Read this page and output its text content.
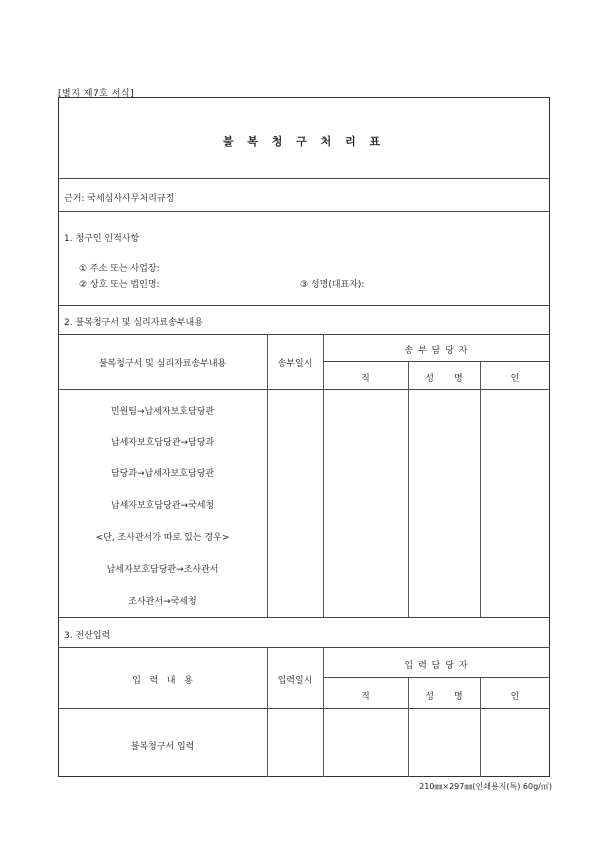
[별지 제7호 서식]
불 복 청 구 처 리 표
근거: 국세심사사무처리규정
1. 청구인 인적사항
① 주소 또는 사업장:
② 상호 또는 법인명:	③ 성명(대표자):
2. 불복청구서 및 심리자료송부내용
불복청구서 및 심리자료송부내용	송부일시
송 부 담 당 자
직	성       명	인
민원팀→납세자보호담당관
납세자보호담당관→담당과
담당과→납세자보호담당관
납세자보호담당관→국세청
<단, 조사관서가 따로 있는 경우>
납세자보호담당관→조사관서
조사관서→국세청
3. 전산입력
입   력   내   용	입력일시
입 력 담 당 자
직	성       명	인
불복청구서 입력
210㎜×297㎜(인쇄용지(특) 60g/㎡)
